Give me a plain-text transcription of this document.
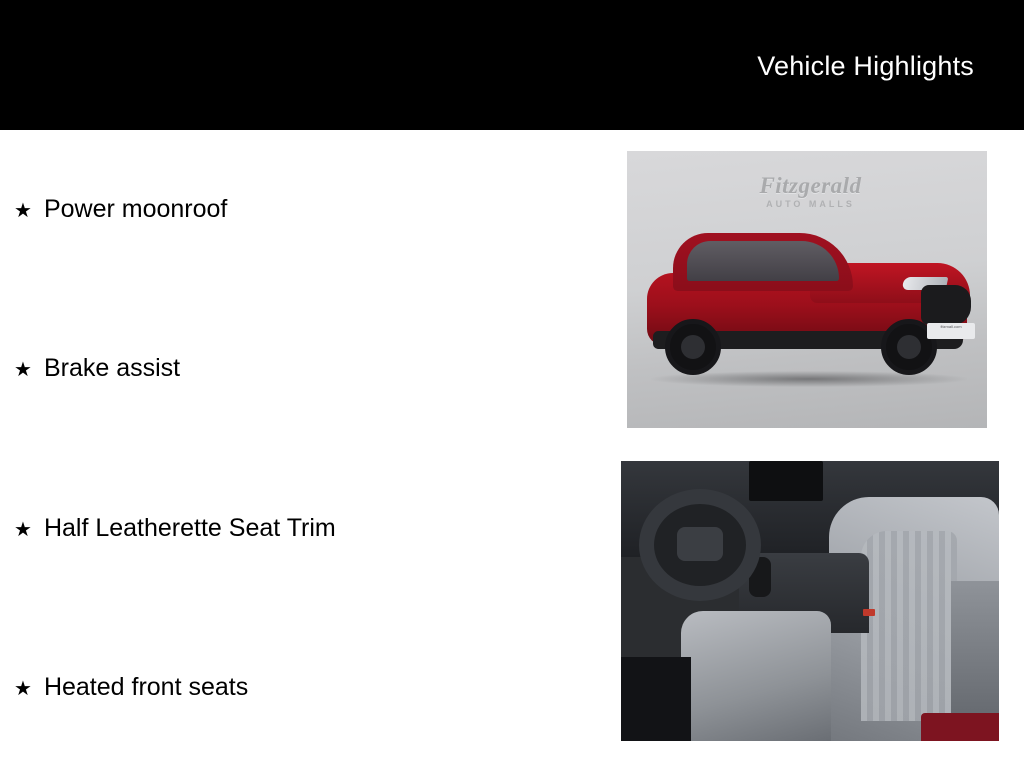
Vehicle Highlights
★ Power moonroof
★ Brake assist
★ Half Leatherette Seat Trim
★ Heated front seats
Fitzgerald
AUTO MALLS
fitzmall.com
